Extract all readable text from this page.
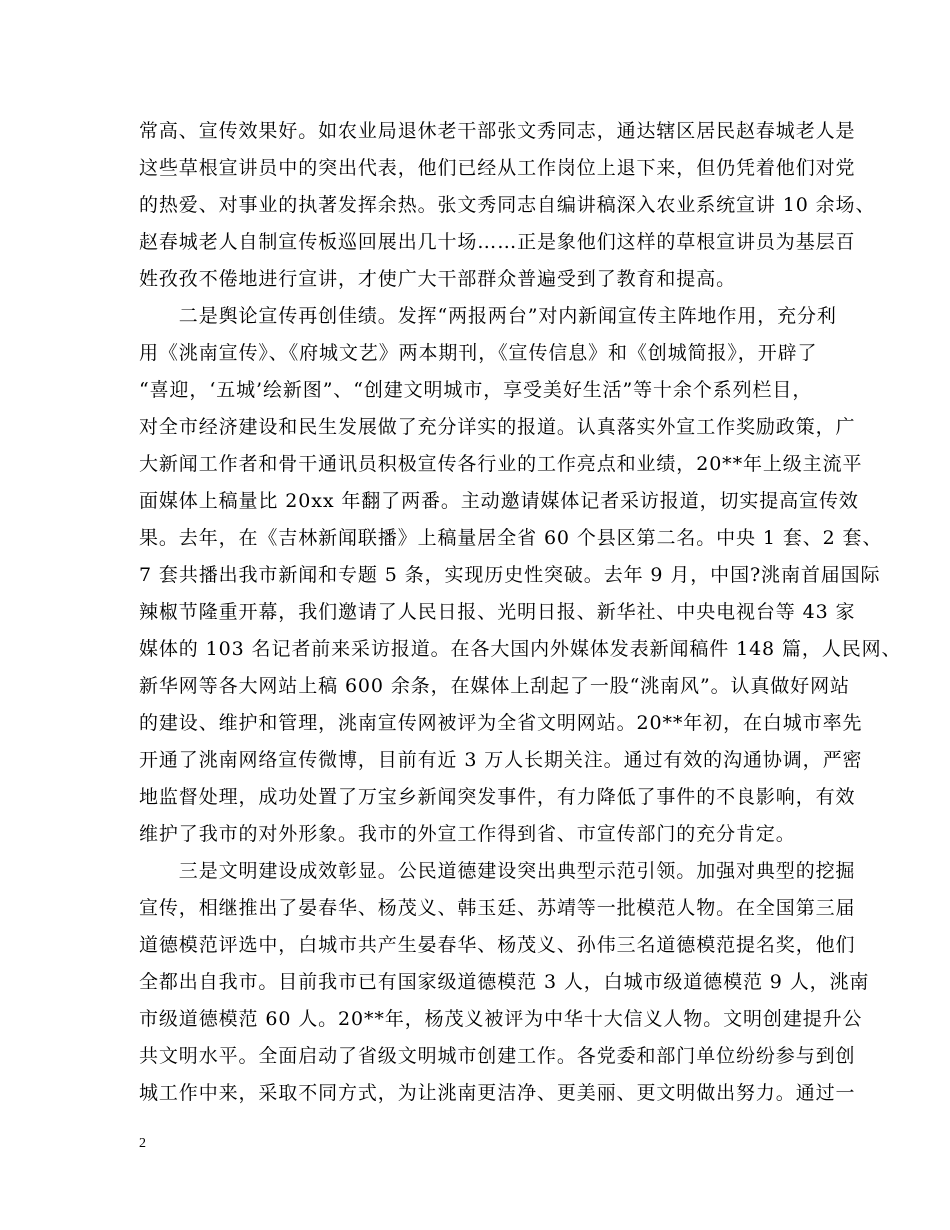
常高、宣传效果好。如农业局退休老干部张文秀同志，通达辖区居民赵春城老人是
这些草根宣讲员中的突出代表，他们已经从工作岗位上退下来，但仍凭着他们对党
的热爱、对事业的执著发挥余热。张文秀同志自编讲稿深入农业系统宣讲 10 余场、
赵春城老人自制宣传板巡回展出几十场……正是象他们这样的草根宣讲员为基层百
姓孜孜不倦地进行宣讲，才使广大干部群众普遍受到了教育和提高。
　　二是舆论宣传再创佳绩。发挥“两报两台”对内新闻宣传主阵地作用，充分利
用《洮南宣传》、《府城文艺》两本期刊，《宣传信息》和《创城简报》，开辟了
“喜迎，‘五城’绘新图”、“创建文明城市，享受美好生活”等十余个系列栏目，
对全市经济建设和民生发展做了充分详实的报道。认真落实外宣工作奖励政策，广
大新闻工作者和骨干通讯员积极宣传各行业的工作亮点和业绩，20**年上级主流平
面媒体上稿量比 20xx 年翻了两番。主动邀请媒体记者采访报道，切实提高宣传效
果。去年，在《吉林新闻联播》上稿量居全省 60 个县区第二名。中央 1 套、2 套、
7 套共播出我市新闻和专题 5 条，实现历史性突破。去年 9 月，中国?洮南首届国际
辣椒节隆重开幕，我们邀请了人民日报、光明日报、新华社、中央电视台等 43 家
媒体的 103 名记者前来采访报道。在各大国内外媒体发表新闻稿件 148 篇，人民网、
新华网等各大网站上稿 600 余条，在媒体上刮起了一股“洮南风”。认真做好网站
的建设、维护和管理，洮南宣传网被评为全省文明网站。20**年初，在白城市率先
开通了洮南网络宣传微博，目前有近 3 万人长期关注。通过有效的沟通协调，严密
地监督处理，成功处置了万宝乡新闻突发事件，有力降低了事件的不良影响，有效
维护了我市的对外形象。我市的外宣工作得到省、市宣传部门的充分肯定。
　　三是文明建设成效彰显。公民道德建设突出典型示范引领。加强对典型的挖掘
宣传，相继推出了晏春华、杨茂义、韩玉廷、苏靖等一批模范人物。在全国第三届
道德模范评选中，白城市共产生晏春华、杨茂义、孙伟三名道德模范提名奖，他们
全都出自我市。目前我市已有国家级道德模范 3 人，白城市级道德模范 9 人，洮南
市级道德模范 60 人。20**年，杨茂义被评为中华十大信义人物。文明创建提升公
共文明水平。全面启动了省级文明城市创建工作。各党委和部门单位纷纷参与到创
城工作中来，采取不同方式，为让洮南更洁净、更美丽、更文明做出努力。通过一
2
